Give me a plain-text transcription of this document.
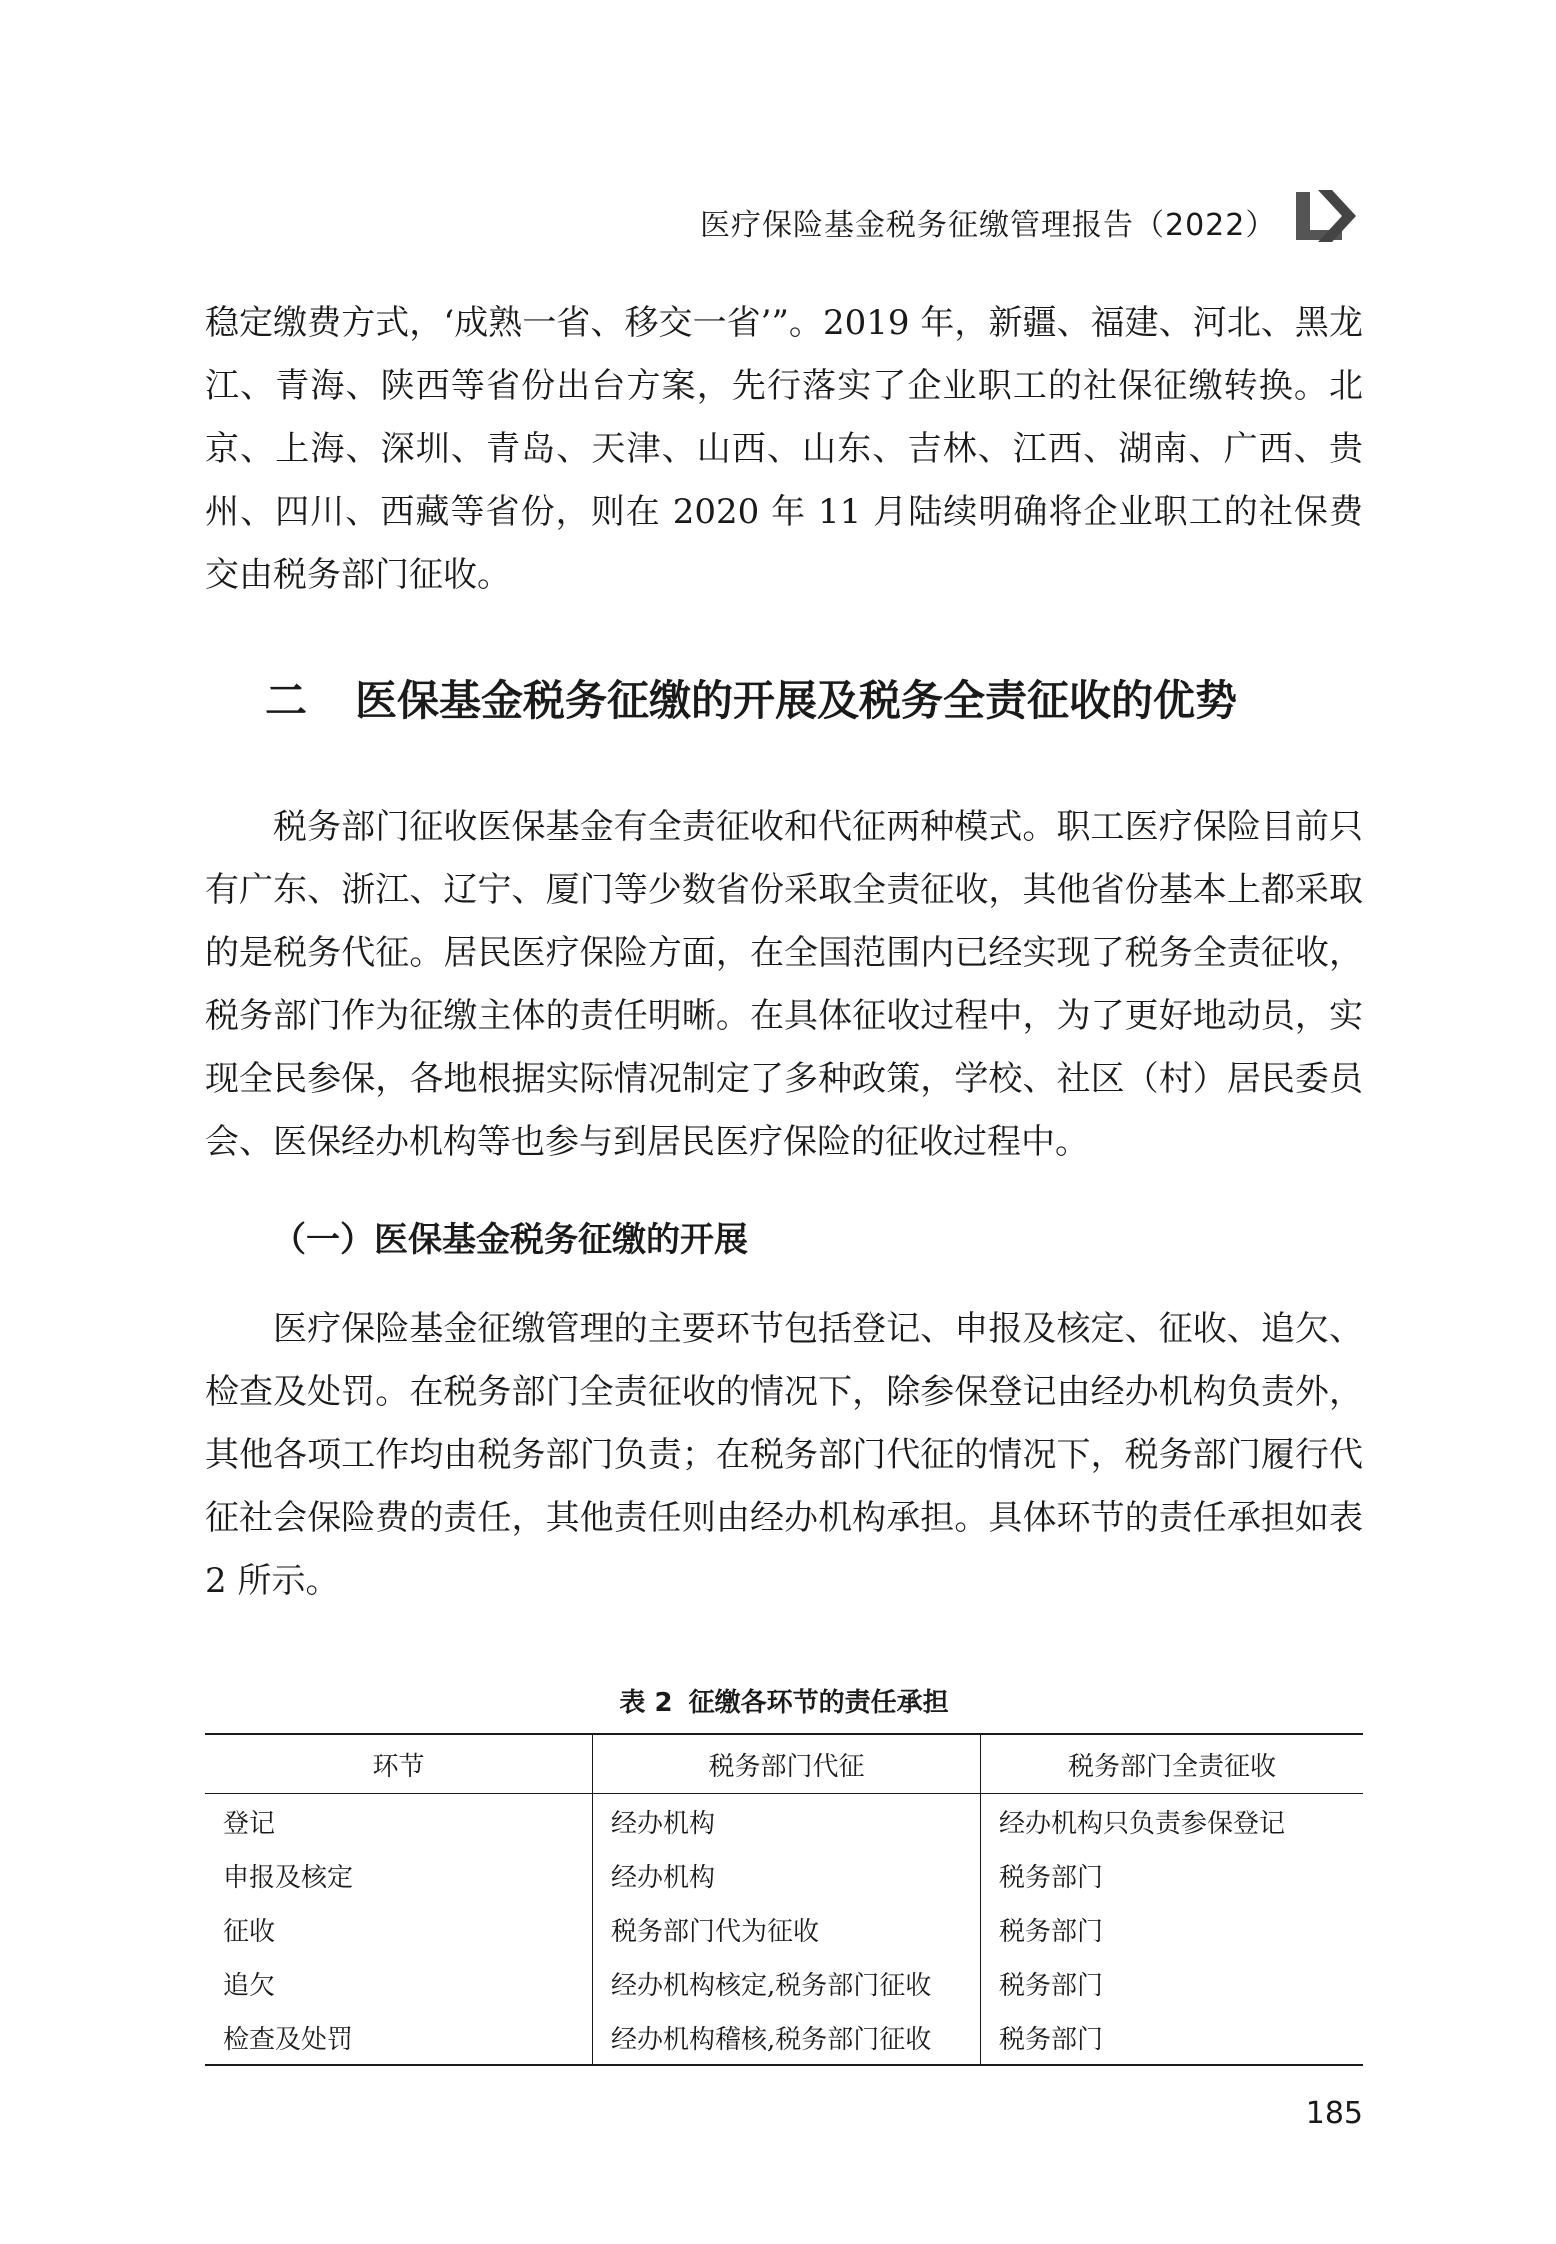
医疗保险基金税务征缴管理报告（2022）

稳定缴费方式，‘成熟一省、移交一省’”。2019 年，新疆、福建、河北、黑龙江、青海、陕西等省份出台方案，先行落实了企业职工的社保征缴转换。北京、上海、深圳、青岛、天津、山西、山东、吉林、江西、湖南、广西、贵州、四川、西藏等省份，则在 2020 年 11 月陆续明确将企业职工的社保费交由税务部门征收。

二 医保基金税务征缴的开展及税务全责征收的优势

税务部门征收医保基金有全责征收和代征两种模式。职工医疗保险目前只有广东、浙江、辽宁、厦门等少数省份采取全责征收，其他省份基本上都采取的是税务代征。居民医疗保险方面，在全国范围内已经实现了税务全责征收，税务部门作为征缴主体的责任明晰。在具体征收过程中，为了更好地动员，实现全民参保，各地根据实际情况制定了多种政策，学校、社区（村）居民委员会、医保经办机构等也参与到居民医疗保险的征收过程中。

（一）医保基金税务征缴的开展

医疗保险基金征缴管理的主要环节包括登记、申报及核定、征收、追欠、检查及处罚。在税务部门全责征收的情况下，除参保登记由经办机构负责外，其他各项工作均由税务部门负责；在税务部门代征的情况下，税务部门履行代征社会保险费的责任，其他责任则由经办机构承担。具体环节的责任承担如表 2 所示。

表 2 征缴各环节的责任承担
环节	税务部门代征	税务部门全责征收
登记	经办机构	经办机构只负责参保登记
申报及核定	经办机构	税务部门
征收	税务部门代为征收	税务部门
追欠	经办机构核定,税务部门征收	税务部门
检查及处罚	经办机构稽核,税务部门征收	税务部门
185
